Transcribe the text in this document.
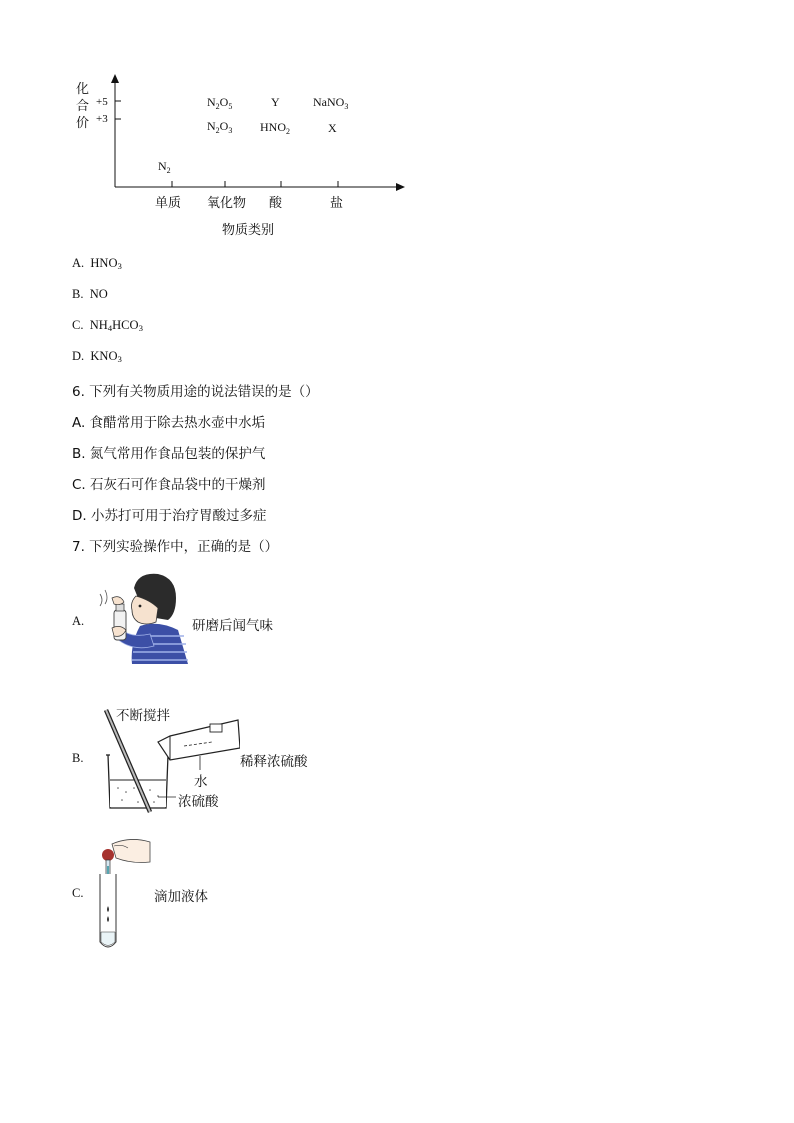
化
合
价
+5
+3
$N_2$
$N_2O_5$
$N_2O_3$
Y
$HNO_2$
NaNO$_3$
X
单质 氧化物 酸	盐
物质类别
A. $HNO_3$
B. NO
C. $NH_4HCO_3$
D. $KNO_3$
6. 下列有关物质用途的说法错误的是（）
A. 食醋常用于除去热水壶中水垢
B. 氮气常用作食品包装的保护气
C. 石灰石可作食品袋中的干燥剂
D. 小苏打可用于治疗胃酸过多症
7. 下列实验操作中，正确的是（）
A.	研磨后闻气味
B.
不断搅拌
水
浓硫酸
稀释浓硫酸
C.	滴加液体
